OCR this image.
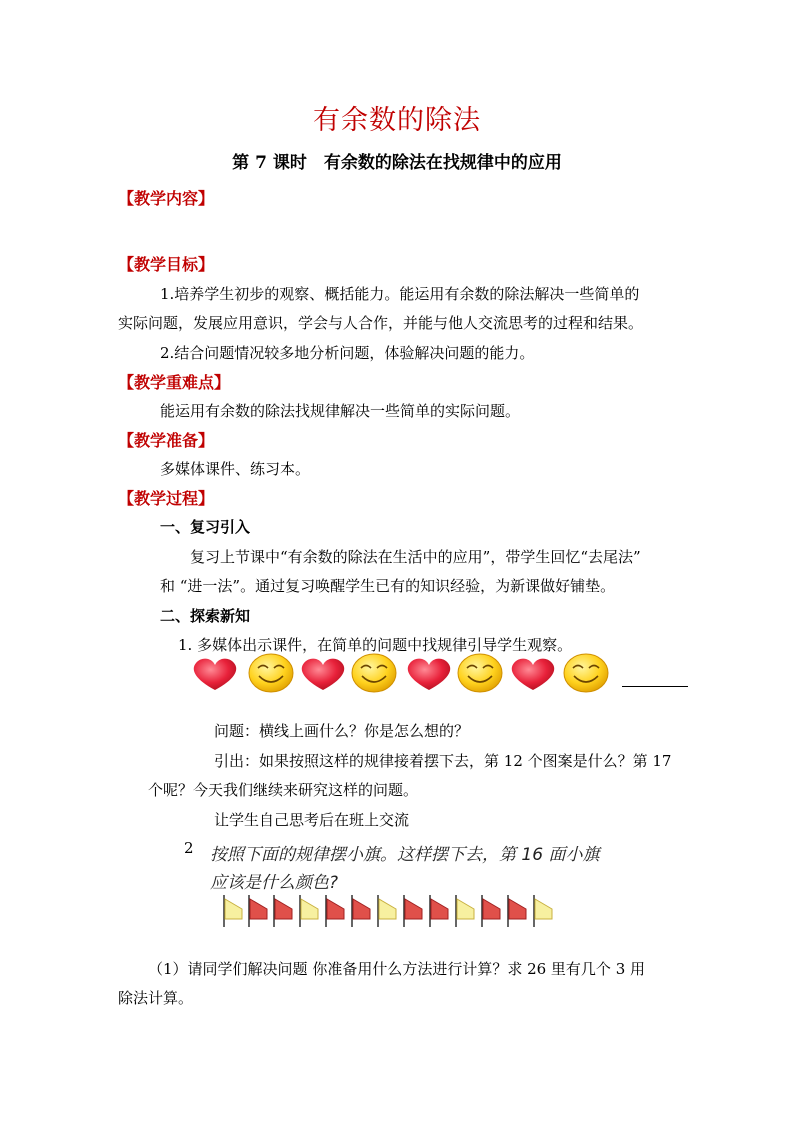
有余数的除法
第 7 课时　有余数的除法在找规律中的应用
【教学内容】
【教学目标】
1.培养学生初步的观察、概括能力。能运用有余数的除法解决一些简单的
实际问题，发展应用意识，学会与人合作，并能与他人交流思考的过程和结果。
2.结合问题情况较多地分析问题，体验解决问题的能力。
【教学重难点】
能运用有余数的除法找规律解决一些简单的实际问题。
【教学准备】
多媒体课件、练习本。
【教学过程】
一、复习引入
复习上节课中“有余数的除法在生活中的应用”，带学生回忆“去尾法”
和 “进一法”。通过复习唤醒学生已有的知识经验，为新课做好铺垫。
二、探索新知
1. 多媒体出示课件，在简单的问题中找规律引导学生观察。
问题：横线上画什么？你是怎么想的？
引出：如果按照这样的规律接着摆下去，第 12 个图案是什么？第 17
个呢？今天我们继续来研究这样的问题。
让学生自己思考后在班上交流
2 按照下面的规律摆小旗。这样摆下去，第 16 面小旗
应该是什么颜色?
（1）请同学们解决问题 你准备用什么方法进行计算？求 26 里有几个 3 用
除法计算。
